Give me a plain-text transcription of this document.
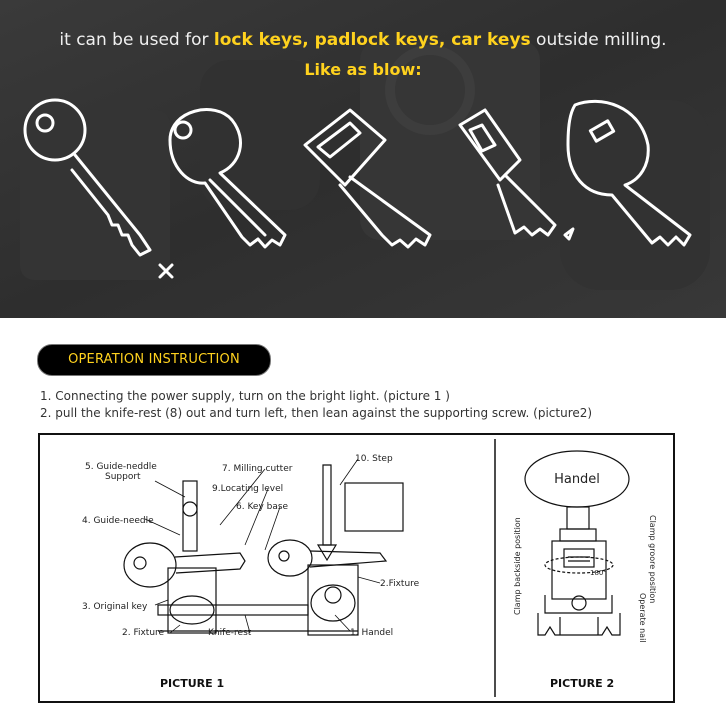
it can be used for lock keys, padlock keys, car keys outside milling.
Like as blow:
OPERATION INSTRUCTION
1. Connecting the power supply, turn on the bright light. (picture 1 )
2. pull the knife-rest (8) out and turn left, then lean against the supporting screw. (picture2)
5. Guide-neddle
Support
4. Guide-needle
3. Original key
2. Fixture	Knife-rest
7. Milling cutter
9.Locating level
6. Key base
10. Step
2.Fixture
1. Handel
PICTURE 1
Handel
180°	Clamp groore position
Clamp backside position
Operate nail
PICTURE 2
